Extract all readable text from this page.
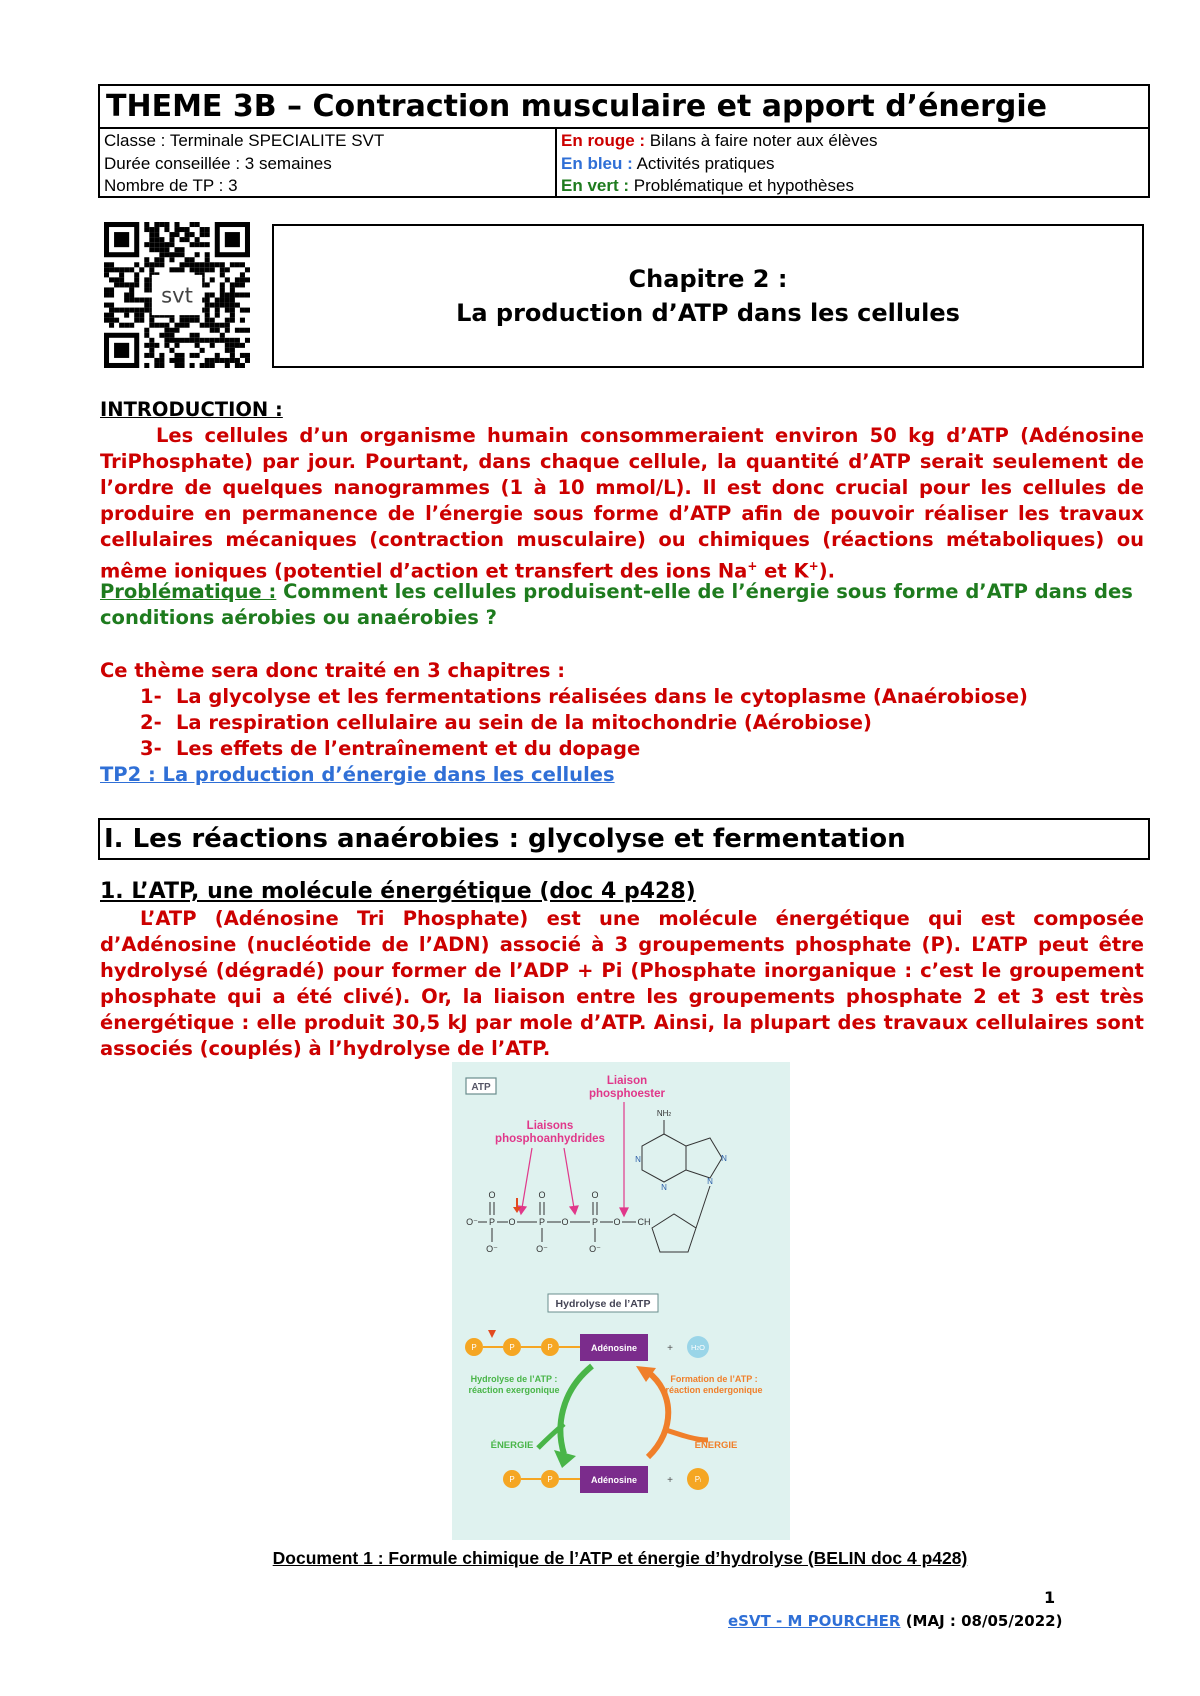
THEME 3B – Contraction musculaire et apport d’énergie
Classe : Terminale SPECIALITE SVT
Durée conseillée : 3 semaines
Nombre de TP : 3
En rouge : Bilans à faire noter aux élèves
En bleu : Activités pratiques
En vert : Problématique et hypothèses
svt
Chapitre 2 :
La production d’ATP dans les cellules
INTRODUCTION :
Les cellules d’un organisme humain consommeraient environ 50 kg d’ATP (Adénosine TriPhosphate) par jour. Pourtant, dans chaque cellule, la quantité d’ATP serait seulement de l’ordre de quelques nanogrammes (1 à 10 mmol/L). Il est donc crucial pour les cellules de produire en permanence de l’énergie sous forme d’ATP afin de pouvoir réaliser les travaux cellulaires mécaniques (contraction musculaire) ou chimiques (réactions métaboliques) ou même ioniques (potentiel d’action et transfert des ions Na+ et K+).
Problématique : Comment les cellules produisent-elle de l’énergie sous forme d’ATP dans des conditions aérobies ou anaérobies ?
Ce thème sera donc traité en 3 chapitres :
1- La glycolyse et les fermentations réalisées dans le cytoplasme (Anaérobiose)
2- La respiration cellulaire au sein de la mitochondrie (Aérobiose)
3- Les effets de l’entraînement et du dopage
TP2 : La production d’énergie dans les cellules
I. Les réactions anaérobies : glycolyse et fermentation
1. L’ATP, une molécule énergétique (doc 4 p428)
L’ATP (Adénosine Tri Phosphate) est une molécule énergétique qui est composée d’Adénosine (nucléotide de l’ADN) associé à 3 groupements phosphate (P). L’ATP peut être hydrolysé (dégradé) pour former de l’ADP + Pi (Phosphate inorganique : c’est le groupement phosphate qui a été clivé). Or, la liaison entre les groupements phosphate 2 et 3 est très énergétique : elle produit 30,5 kJ par mole d’ATP. Ainsi, la plupart des travaux cellulaires sont associés (couplés) à l’hydrolyse de l’ATP.
ATP
Liaison
phosphoester
Liaisons
phosphoanhydrides
O⁻ P O	P O	P O CH
O	O	O
O⁻	O⁻	O⁻
N
N
N
N
NH2
Hydrolyse de l’ATP
P	P	P	Adénosine	+ H2O
Hydrolyse de l’ATP :
réaction exergonique
Formation de l’ATP :
réaction endergonique
ÉNERGIE	ÉNERGIE
P	P	Adénosine	+	Pi
Document 1 : Formule chimique de l’ATP et énergie d’hydrolyse (BELIN doc 4 p428)
1
eSVT - M POURCHER (MAJ : 08/05/2022)
